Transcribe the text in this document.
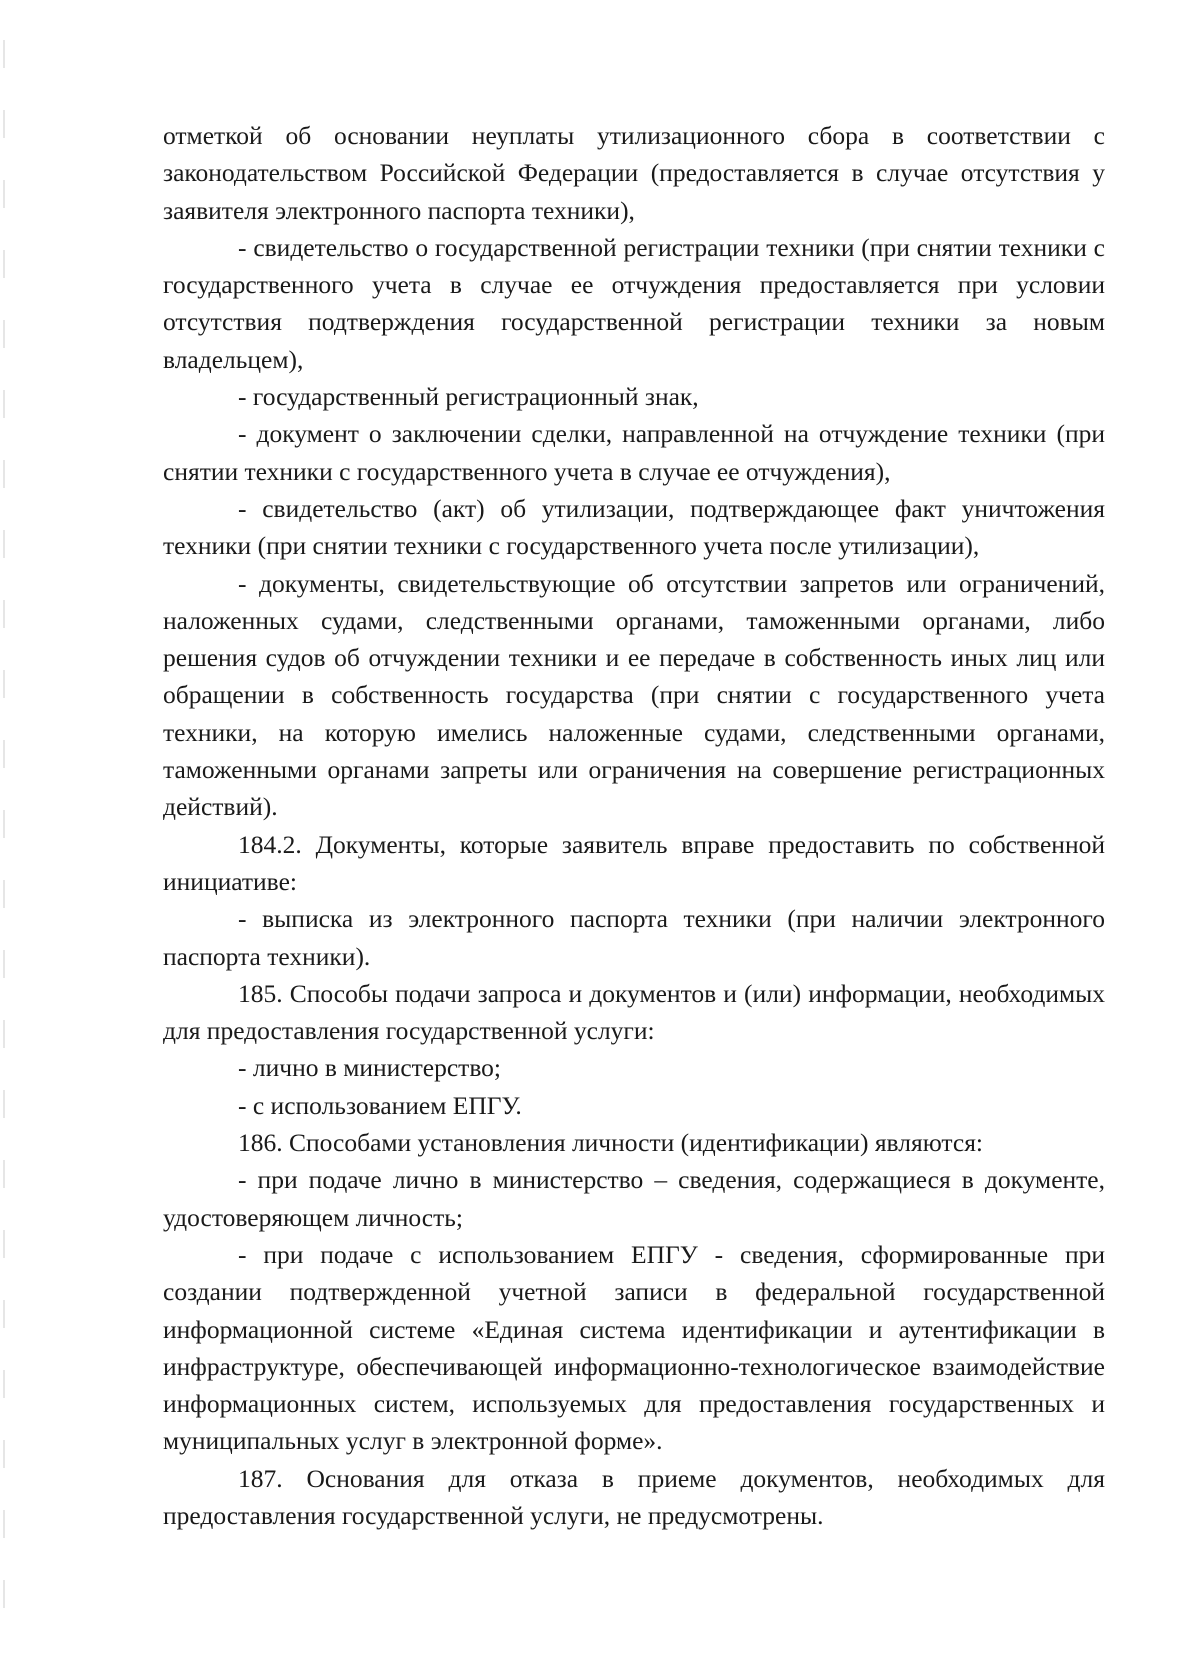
отметкой об основании неуплаты утилизационного сбора в соответствии с законодательством Российской Федерации (предоставляется в случае отсутствия у заявителя электронного паспорта техники),

- свидетельство о государственной регистрации техники (при снятии техники с государственного учета в случае ее отчуждения предоставляется при условии отсутствия подтверждения государственной регистрации техники за новым владельцем),

- государственный регистрационный знак,

- документ о заключении сделки, направленной на отчуждение техники (при снятии техники с государственного учета в случае ее отчуждения),

- свидетельство (акт) об утилизации, подтверждающее факт уничтожения техники (при снятии техники с государственного учета после утилизации),

- документы, свидетельствующие об отсутствии запретов или ограничений, наложенных судами, следственными органами, таможенными органами, либо решения судов об отчуждении техники и ее передаче в собственность иных лиц или обращении в собственность государства (при снятии с государственного учета техники, на которую имелись наложенные судами, следственными органами, таможенными органами запреты или ограничения на совершение регистрационных действий).

184.2. Документы, которые заявитель вправе предоставить по собственной инициативе:

- выписка из электронного паспорта техники (при наличии электронного паспорта техники).

185. Способы подачи запроса и документов и (или) информации, необходимых для предоставления государственной услуги:

- лично в министерство;

- с использованием ЕПГУ.

186. Способами установления личности (идентификации) являются:

- при подаче лично в министерство – сведения, содержащиеся в документе, удостоверяющем личность;

- при подаче с использованием ЕПГУ - сведения, сформированные при создании подтвержденной учетной записи в федеральной государственной информационной системе «Единая система идентификации и аутентификации в инфраструктуре, обеспечивающей информационно-технологическое взаимодействие информационных систем, используемых для предоставления государственных и муниципальных услуг в электронной форме».

187. Основания для отказа в приеме документов, необходимых для предоставления государственной услуги, не предусмотрены.
